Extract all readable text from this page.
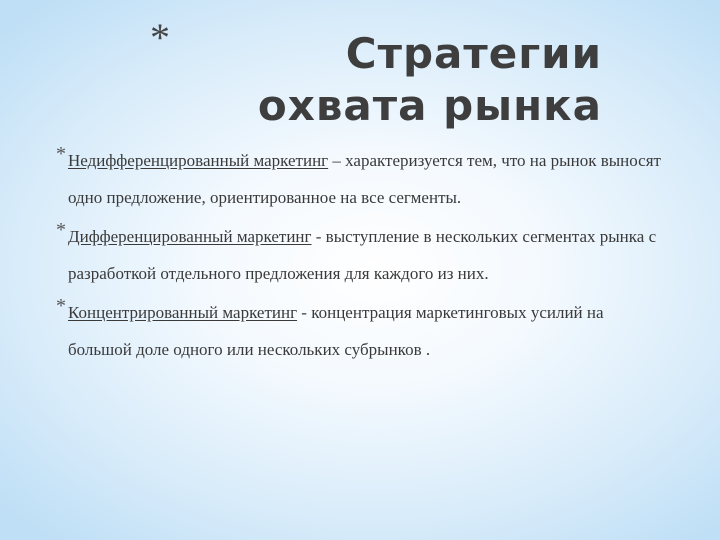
*	Стратегии охвата рынка
* Недифференцированный маркетинг – характеризуется тем, что на рынок выносят одно предложение, ориентированное на все сегменты.
* Дифференцированный маркетинг - выступление в нескольких сегментах рынка с разработкой отдельного предложения для каждого из них.
* Концентрированный маркетинг - концентрация маркетинговых усилий на большой доле одного или нескольких субрынков .
